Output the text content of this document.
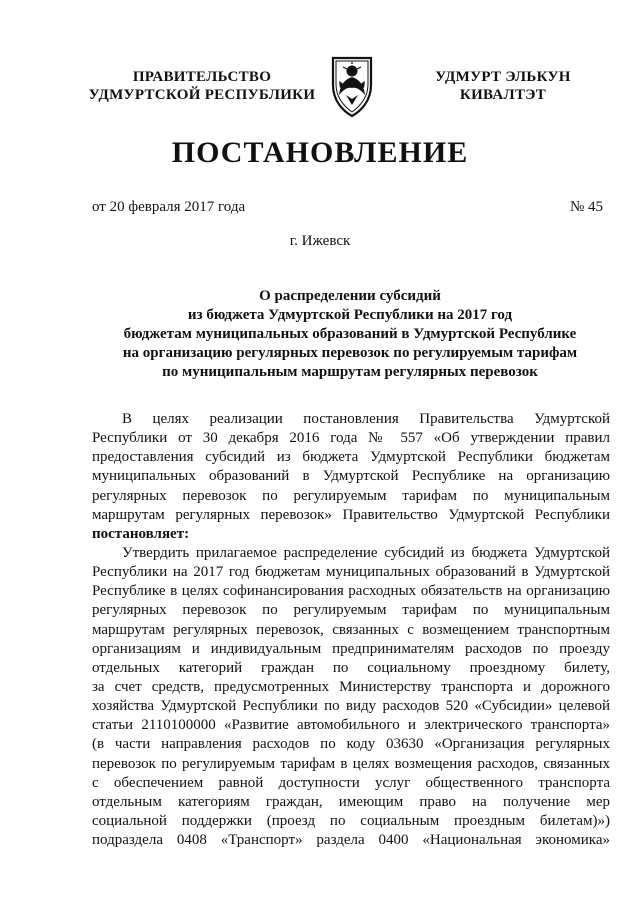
ПРАВИТЕЛЬСТВО
УДМУРТСКОЙ РЕСПУБЛИКИ
УДМУРТ ЭЛЬКУН
КИВАЛТЭТ
ПОСТАНОВЛЕНИЕ
от 20 февраля 2017 года	№ 45
г. Ижевск
О распределении субсидий
из бюджета Удмуртской Республики на 2017 год
бюджетам муниципальных образований в Удмуртской Республике
на организацию регулярных перевозок по регулируемым тарифам
по муниципальным маршрутам регулярных перевозок
В целях реализации постановления Правительства Удмуртской
Республики от 30 декабря 2016 года № 557 «Об утверждении правил
предоставления субсидий из бюджета Удмуртской Республики бюджетам
муниципальных образований в Удмуртской Республике на организацию
регулярных перевозок по регулируемым тарифам по муниципальным
маршрутам регулярных перевозок» Правительство Удмуртской Республики
постановляет:
Утвердить прилагаемое распределение субсидий из бюджета Удмуртской
Республики на 2017 год бюджетам муниципальных образований в Удмуртской
Республике в целях софинансирования расходных обязательств на организацию
регулярных перевозок по регулируемым тарифам по муниципальным
маршрутам регулярных перевозок, связанных с возмещением транспортным
организациям и индивидуальным предпринимателям расходов по проезду
отдельных категорий граждан по социальному проездному билету,
за счет средств, предусмотренных Министерству транспорта и дорожного
хозяйства Удмуртской Республики по виду расходов 520 «Субсидии» целевой
статьи 2110100000 «Развитие автомобильного и электрического транспорта»
(в части направления расходов по коду 03630 «Организация регулярных
перевозок по регулируемым тарифам в целях возмещения расходов, связанных
с обеспечением равной доступности услуг общественного транспорта
отдельным категориям граждан, имеющим право на получение мер
социальной поддержки (проезд по социальным проездным билетам)»)
подраздела 0408 «Транспорт» раздела 0400 «Национальная экономика»
